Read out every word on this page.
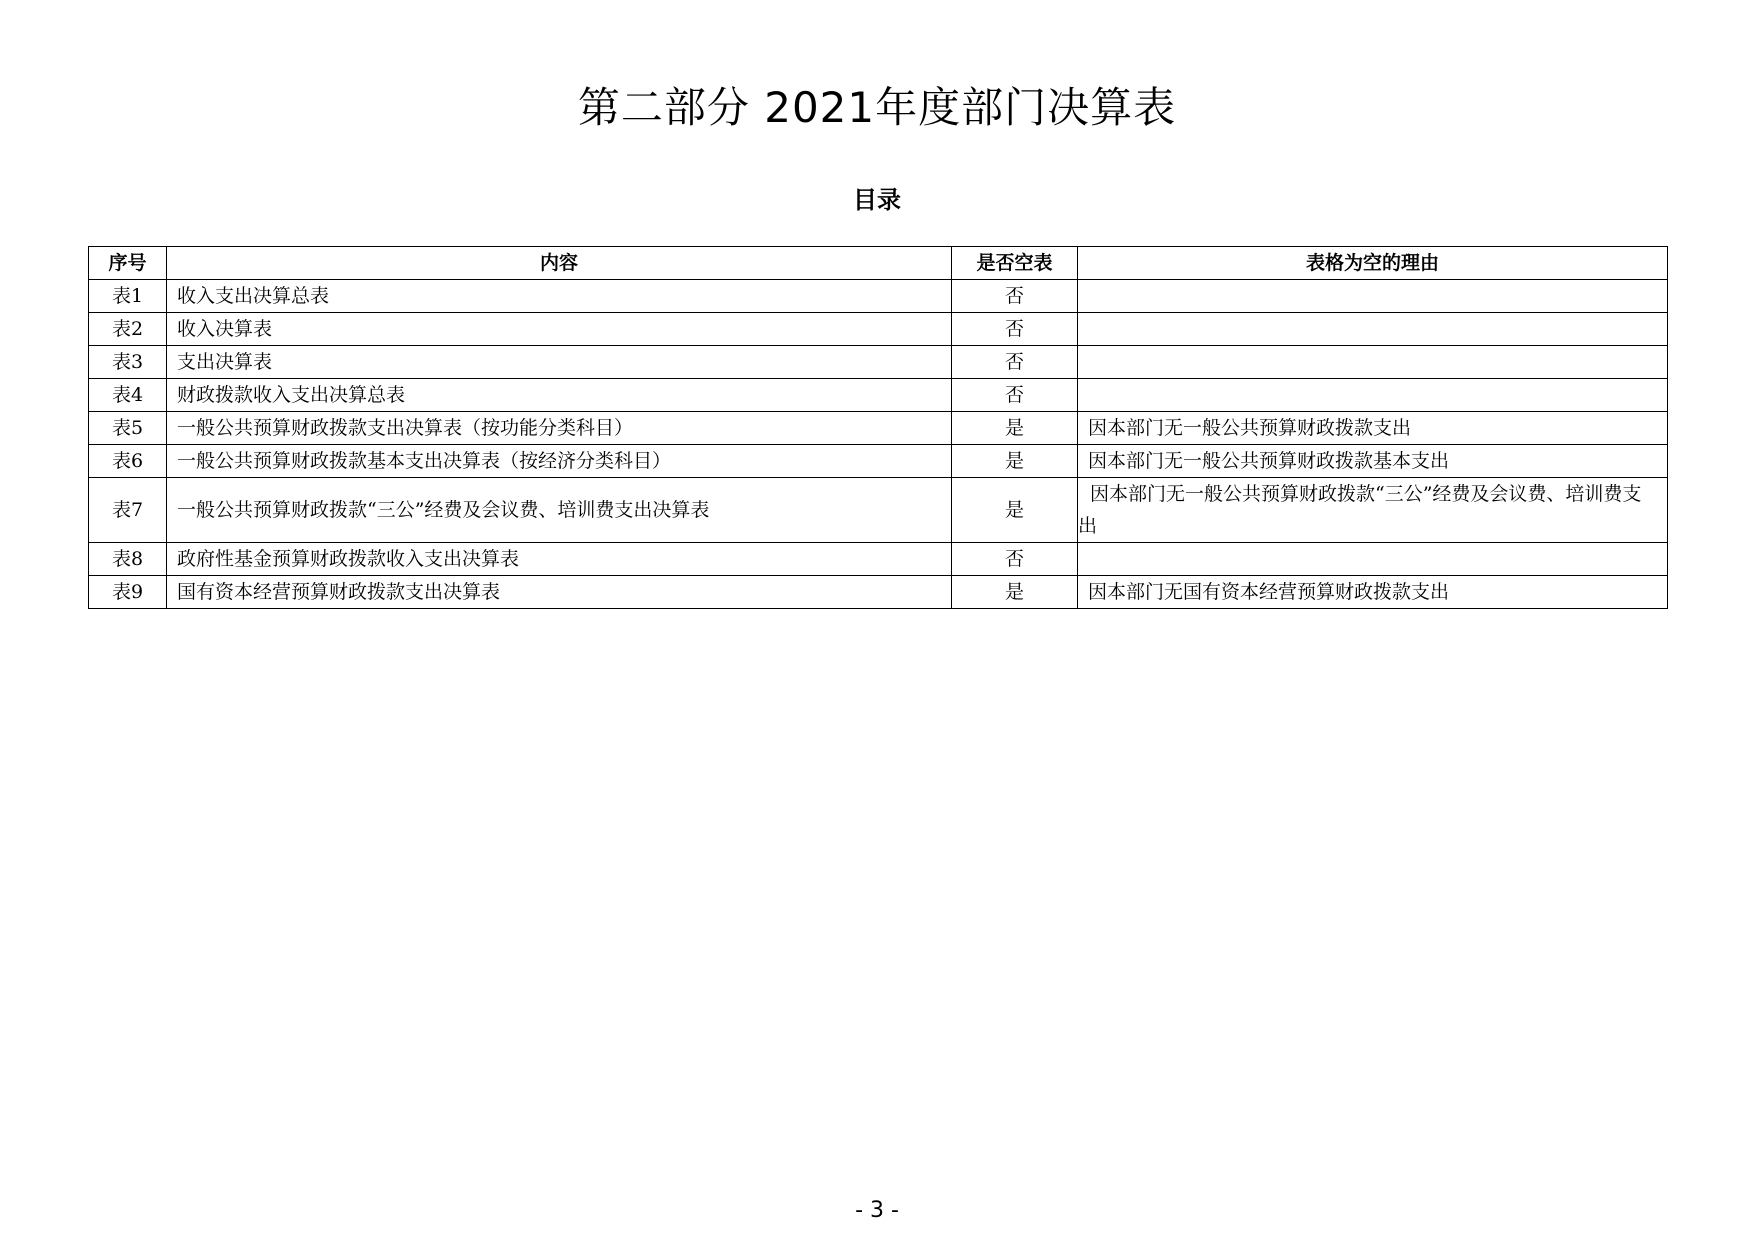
第二部分 2021年度部门决算表
目录
序号	内容	是否空表	表格为空的理由
表1	收入支出决算总表	否	
表2	收入决算表	否	
表3	支出决算表	否	
表4	财政拨款收入支出决算总表	否	
表5	一般公共预算财政拨款支出决算表（按功能分类科目）	是	因本部门无一般公共预算财政拨款支出
表6	一般公共预算财政拨款基本支出决算表（按经济分类科目）	是	因本部门无一般公共预算财政拨款基本支出
表7	一般公共预算财政拨款“三公”经费及会议费、培训费支出决算表	是	因本部门无一般公共预算财政拨款“三公”经费及会议费、培训费支出
表8	政府性基金预算财政拨款收入支出决算表	否	
表9	国有资本经营预算财政拨款支出决算表	是	因本部门无国有资本经营预算财政拨款支出
- 3 -
